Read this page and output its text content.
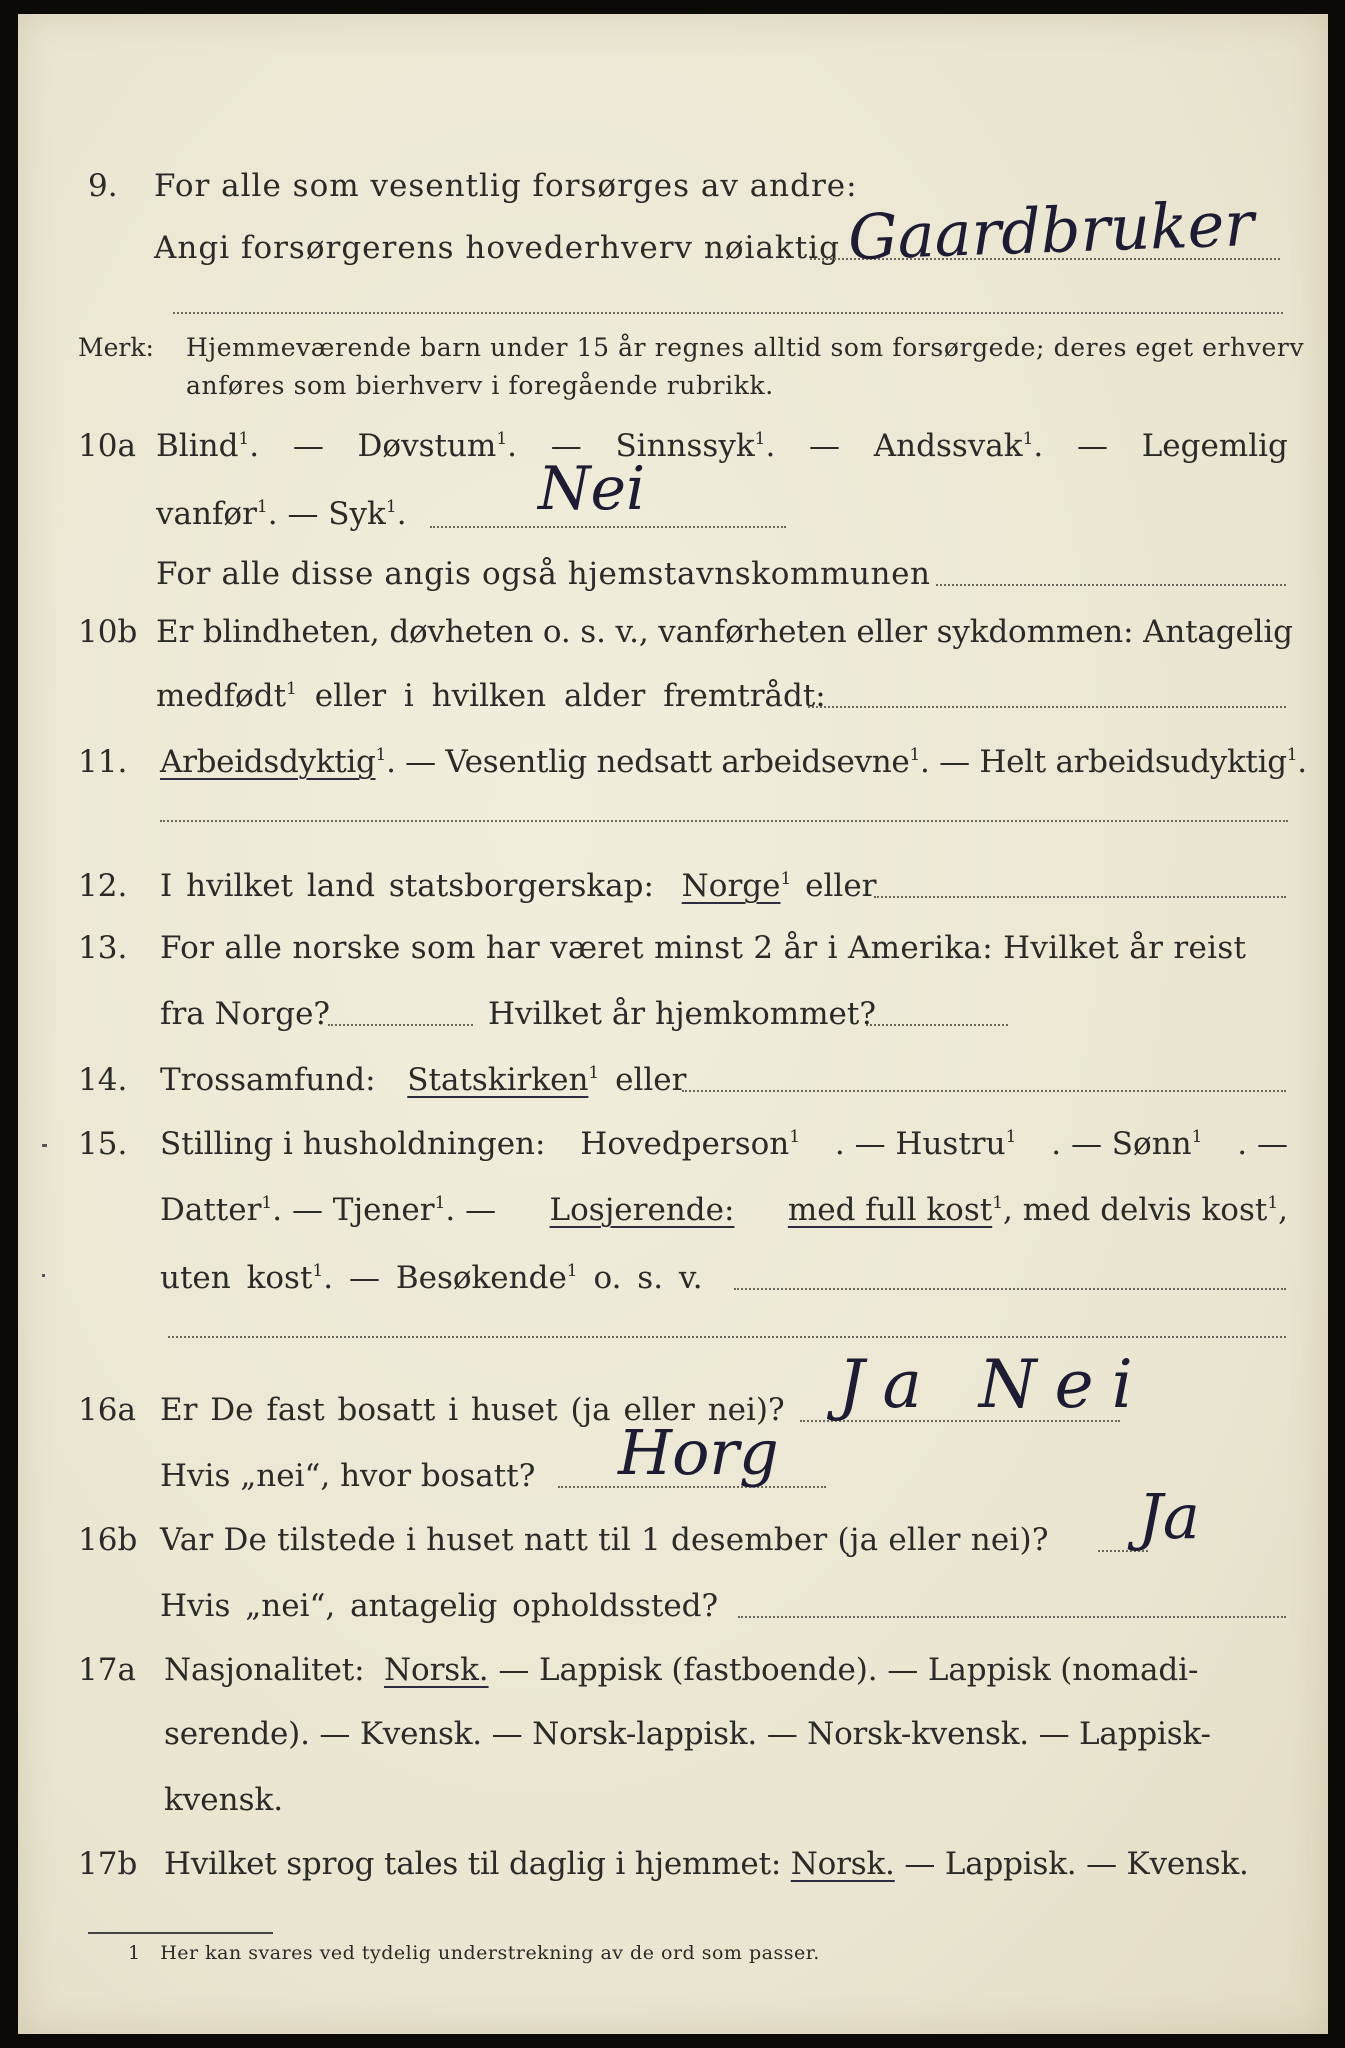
9. For alle som vesentlig forsørges av andre:
Angi forsørgerens hovederhverv nøiaktig Gaardbruker
Merk: Hjemmeværende barn under 15 år regnes alltid som forsørgede; deres eget erhverv
anføres som bierhverv i foregående rubrikk.
10a Blind$^1$. — Døvstum$^1$. — Sinnssyk$^1$. — Andssvak$^1$. — Legemlig
vanfør$^1$. — Syk$^1$. Nei
For alle disse angis også hjemstavnskommunen
10b Er blindheten, døvheten o. s. v., vanførheten eller sykdommen: Antagelig
medfødt$^1$ eller i hvilken alder fremtrådt:
11. Arbeidsdyktig$^1$. — Vesentlig nedsatt arbeidsevne$^1$. — Helt arbeidsudyktig$^1$.
12. I hvilket land statsborgerskap: Norge$^1$ eller
13. For alle norske som har været minst 2 år i Amerika: Hvilket år reist
fra Norge?	Hvilket år hjemkommet?
14. Trossamfund: Statskirken$^1$ eller
15. Stilling i husholdningen: Hovedperson$^1$ . — Hustru$^1$ . — Sønn$^1$ . —
Datter$^1$. — Tjener$^1$. — Losjerende: med full kost$^1$, med delvis kost$^1$,
uten kost$^1$. — Besøkende$^1$ o. s. v.
16a Er De fast bosatt i huset (ja eller nei)? Ja Nei
Hvis „nei“, hvor bosatt? Horg
16b Var De tilstede i huset natt til 1 desember (ja eller nei)? Ja
Hvis „nei“, antagelig opholdssted?
17a Nasjonalitet: Norsk. — Lappisk (fastboende). — Lappisk (nomadi-
serende). — Kvensk. — Norsk-lappisk. — Norsk-kvensk. — Lappisk-
kvensk.
17b Hvilket sprog tales til daglig i hjemmet: Norsk. — Lappisk. — Kvensk.
1 Her kan svares ved tydelig understrekning av de ord som passer.
